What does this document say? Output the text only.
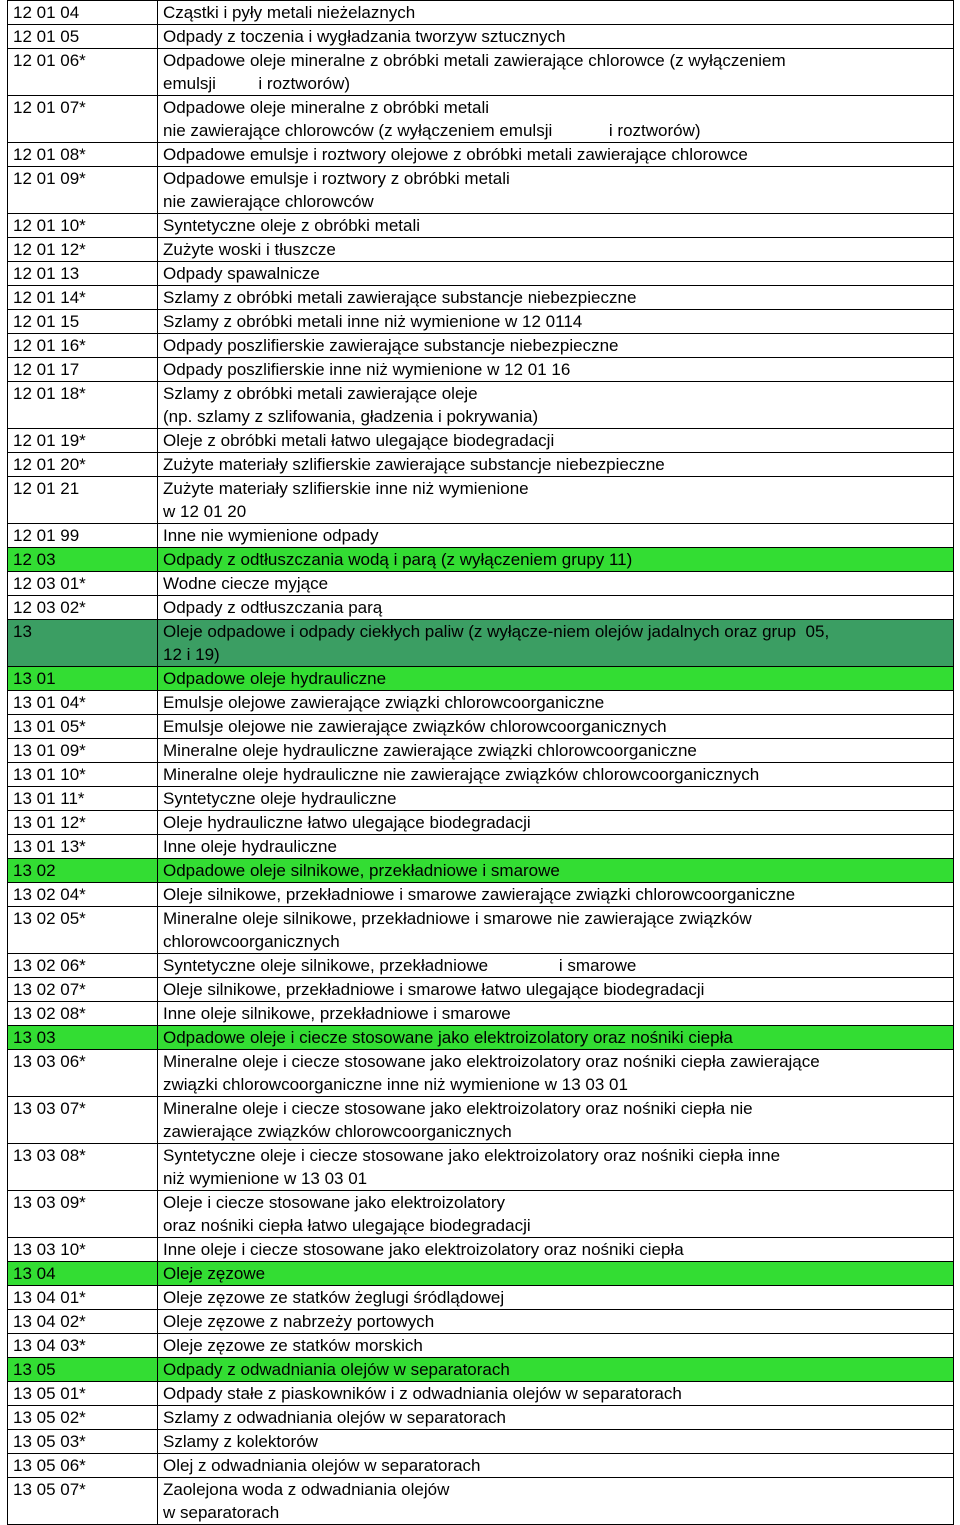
12 01 04	Cząstki i pyły metali nieżelaznych
12 01 05	Odpady z toczenia i wygładzania tworzyw sztucznych
12 01 06*	Odpadowe oleje mineralne z obróbki metali zawierające chlorowce (z wyłączeniem
emulsji         i roztworów)
12 01 07*	Odpadowe oleje mineralne z obróbki metali
nie zawierające chlorowców (z wyłączeniem emulsji            i roztworów)
12 01 08*	Odpadowe emulsje i roztwory olejowe z obróbki metali zawierające chlorowce
12 01 09*	Odpadowe emulsje i roztwory z obróbki metali
nie zawierające chlorowców
12 01 10*	Syntetyczne oleje z obróbki metali
12 01 12*	Zużyte woski i tłuszcze
12 01 13	Odpady spawalnicze
12 01 14*	Szlamy z obróbki metali zawierające substancje niebezpieczne
12 01 15	Szlamy z obróbki metali inne niż wymienione w 12 0114
12 01 16*	Odpady poszlifierskie zawierające substancje niebezpieczne
12 01 17	Odpady poszlifierskie inne niż wymienione w 12 01 16
12 01 18*	Szlamy z obróbki metali zawierające oleje
(np. szlamy z szlifowania, gładzenia i pokrywania)
12 01 19*	Oleje z obróbki metali łatwo ulegające biodegradacji
12 01 20*	Zużyte materiały szlifierskie zawierające substancje niebezpieczne
12 01 21	Zużyte materiały szlifierskie inne niż wymienione
w 12 01 20
12 01 99	Inne nie wymienione odpady
12 03	Odpady z odtłuszczania wodą i parą (z wyłączeniem grupy 11)
12 03 01*	Wodne ciecze myjące
12 03 02*	Odpady z odtłuszczania parą
13	Oleje odpadowe i odpady ciekłych paliw (z wyłącze-niem olejów jadalnych oraz grup  05,
12 i 19)
13 01	Odpadowe oleje hydrauliczne
13 01 04*	Emulsje olejowe zawierające związki chlorowcoorganiczne
13 01 05*	Emulsje olejowe nie zawierające związków chlorowcoorganicznych
13 01 09*	Mineralne oleje hydrauliczne zawierające związki chlorowcoorganiczne
13 01 10*	Mineralne oleje hydrauliczne nie zawierające związków chlorowcoorganicznych
13 01 11*	Syntetyczne oleje hydrauliczne
13 01 12*	Oleje hydrauliczne łatwo ulegające biodegradacji
13 01 13*	Inne oleje hydrauliczne
13 02	Odpadowe oleje silnikowe, przekładniowe i smarowe
13 02 04*	Oleje silnikowe, przekładniowe i smarowe zawierające związki chlorowcoorganiczne
13 02 05*	Mineralne oleje silnikowe, przekładniowe i smarowe nie zawierające związków
chlorowcoorganicznych
13 02 06*	Syntetyczne oleje silnikowe, przekładniowe               i smarowe
13 02 07*	Oleje silnikowe, przekładniowe i smarowe łatwo ulegające biodegradacji
13 02 08*	Inne oleje silnikowe, przekładniowe i smarowe
13 03	Odpadowe oleje i ciecze stosowane jako elektroizolatory oraz nośniki ciepła
13 03 06*	Mineralne oleje i ciecze stosowane jako elektroizolatory oraz nośniki ciepła zawierające
związki chlorowcoorganiczne inne niż wymienione w 13 03 01
13 03 07*	Mineralne oleje i ciecze stosowane jako elektroizolatory oraz nośniki ciepła nie
zawierające związków chlorowcoorganicznych
13 03 08*	Syntetyczne oleje i ciecze stosowane jako elektroizolatory oraz nośniki ciepła inne
niż wymienione w 13 03 01
13 03 09*	Oleje i ciecze stosowane jako elektroizolatory
oraz nośniki ciepła łatwo ulegające biodegradacji
13 03 10*	Inne oleje i ciecze stosowane jako elektroizolatory oraz nośniki ciepła
13 04	Oleje zęzowe
13 04 01*	Oleje zęzowe ze statków żeglugi śródlądowej
13 04 02*	Oleje zęzowe z nabrzeży portowych
13 04 03*	Oleje zęzowe ze statków morskich
13 05	Odpady z odwadniania olejów w separatorach
13 05 01*	Odpady stałe z piaskowników i z odwadniania olejów w separatorach
13 05 02*	Szlamy z odwadniania olejów w separatorach
13 05 03*	Szlamy z kolektorów
13 05 06*	Olej z odwadniania olejów w separatorach
13 05 07*	Zaolejona woda z odwadniania olejów
w separatorach
